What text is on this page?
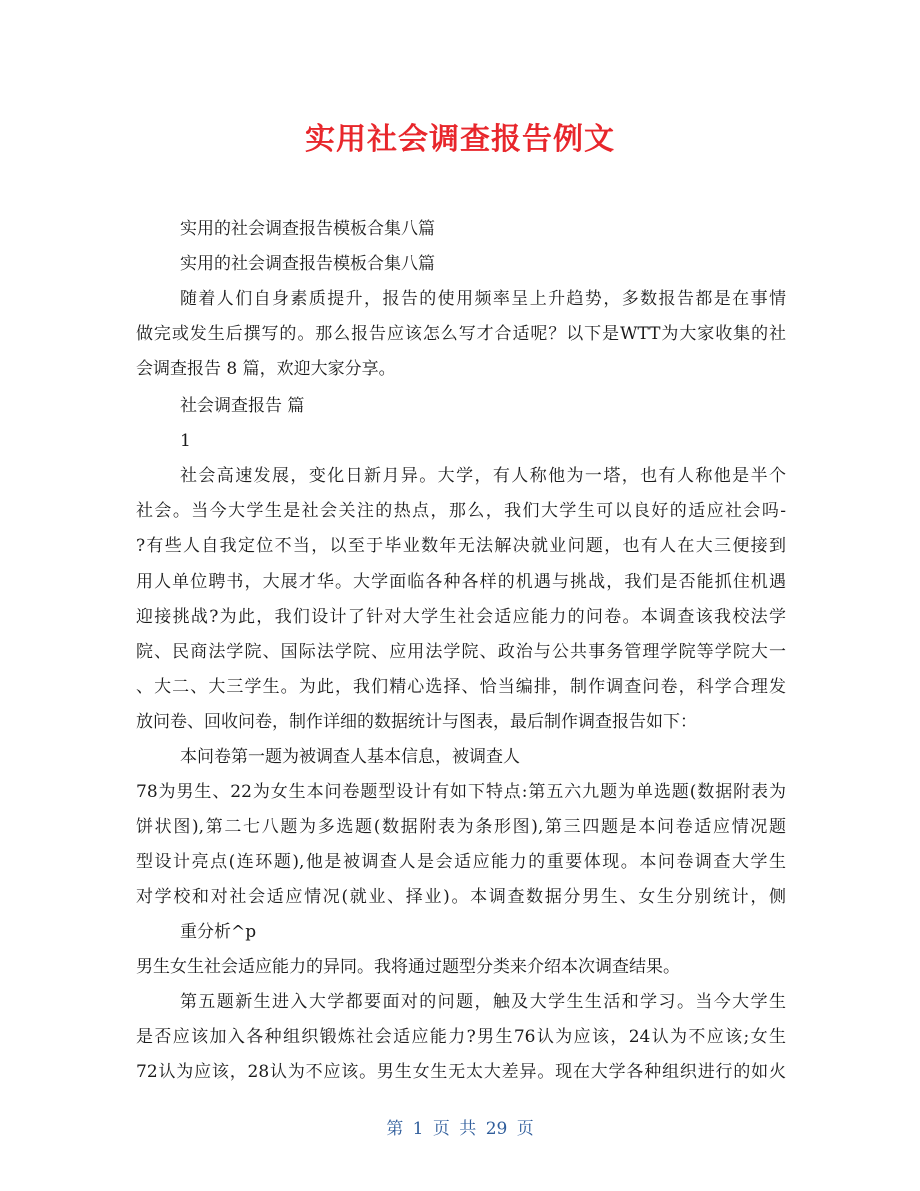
实用社会调查报告例文
实用的社会调查报告模板合集八篇
实用的社会调查报告模板合集八篇
随着人们自身素质提升，报告的使用频率呈上升趋势，多数报告都是在事情
做完或发生后撰写的。那么报告应该怎么写才合适呢？以下是WTT为大家收集的社
会调查报告 8 篇，欢迎大家分享。
社会调查报告 篇
1
社会高速发展，变化日新月异。大学，有人称他为一塔，也有人称他是半个
社会。当今大学生是社会关注的热点，那么，我们大学生可以良好的适应社会吗-
?有些人自我定位不当，以至于毕业数年无法解决就业问题，也有人在大三便接到
用人单位聘书，大展才华。大学面临各种各样的机遇与挑战，我们是否能抓住机遇
迎接挑战?为此，我们设计了针对大学生社会适应能力的问卷。本调查该我校法学
院、民商法学院、国际法学院、应用法学院、政治与公共事务管理学院等学院大一
、大二、大三学生。为此，我们精心选择、恰当编排，制作调查问卷，科学合理发
放问卷、回收问卷，制作详细的数据统计与图表，最后制作调查报告如下：
本问卷第一题为被调查人基本信息，被调查人
78为男生、22为女生本问卷题型设计有如下特点:第五六九题为单选题(数据附表为
饼状图),第二七八题为多选题(数据附表为条形图),第三四题是本问卷适应情况题
型设计亮点(连环题),他是被调查人是会适应能力的重要体现。本问卷调查大学生
对学校和对社会适应情况(就业、择业)。本调查数据分男生、女生分别统计，侧
重分析^p
男生女生社会适应能力的异同。我将通过题型分类来介绍本次调查结果。
第五题新生进入大学都要面对的问题，触及大学生生活和学习。当今大学生
是否应该加入各种组织锻炼社会适应能力?男生76认为应该，24认为不应该;女生
72认为应该，28认为不应该。男生女生无太大差异。现在大学各种组织进行的如火
第 1 页 共 29 页
